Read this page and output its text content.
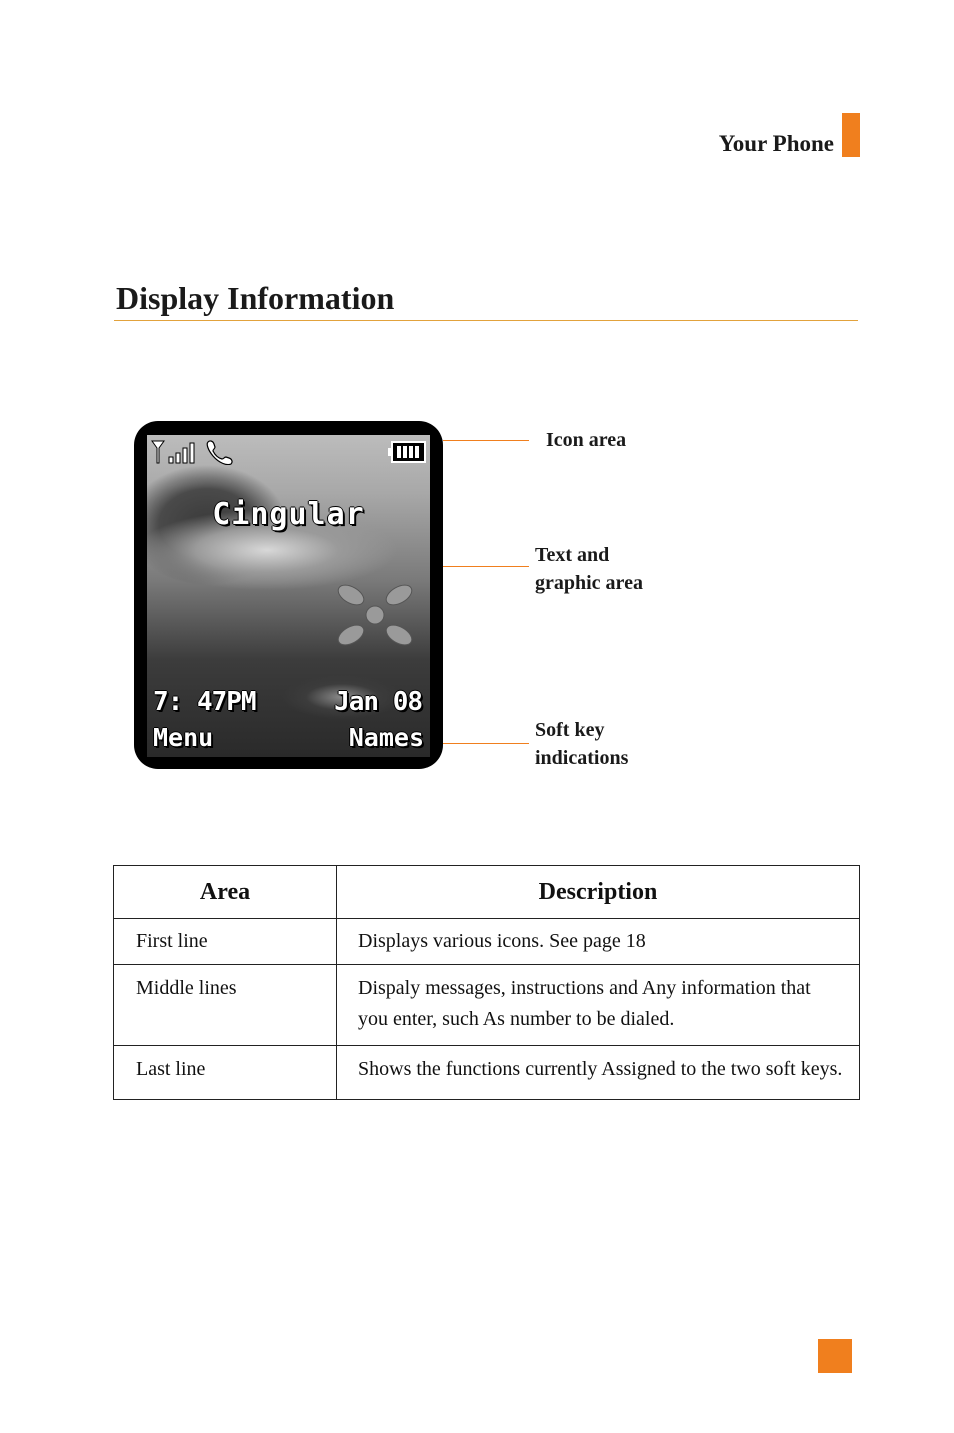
Your Phone
Display Information
Cingular
7: 47PM	Jan 08
Menu	Names
Icon area
Text and
graphic area
Soft key
indications
Area	Description
First line	Displays various icons. See page 18
Middle lines	Dispaly messages, instructions and Any information that you enter, such As number to be dialed.
Last line	Shows the functions currently Assigned to the two soft keys.
